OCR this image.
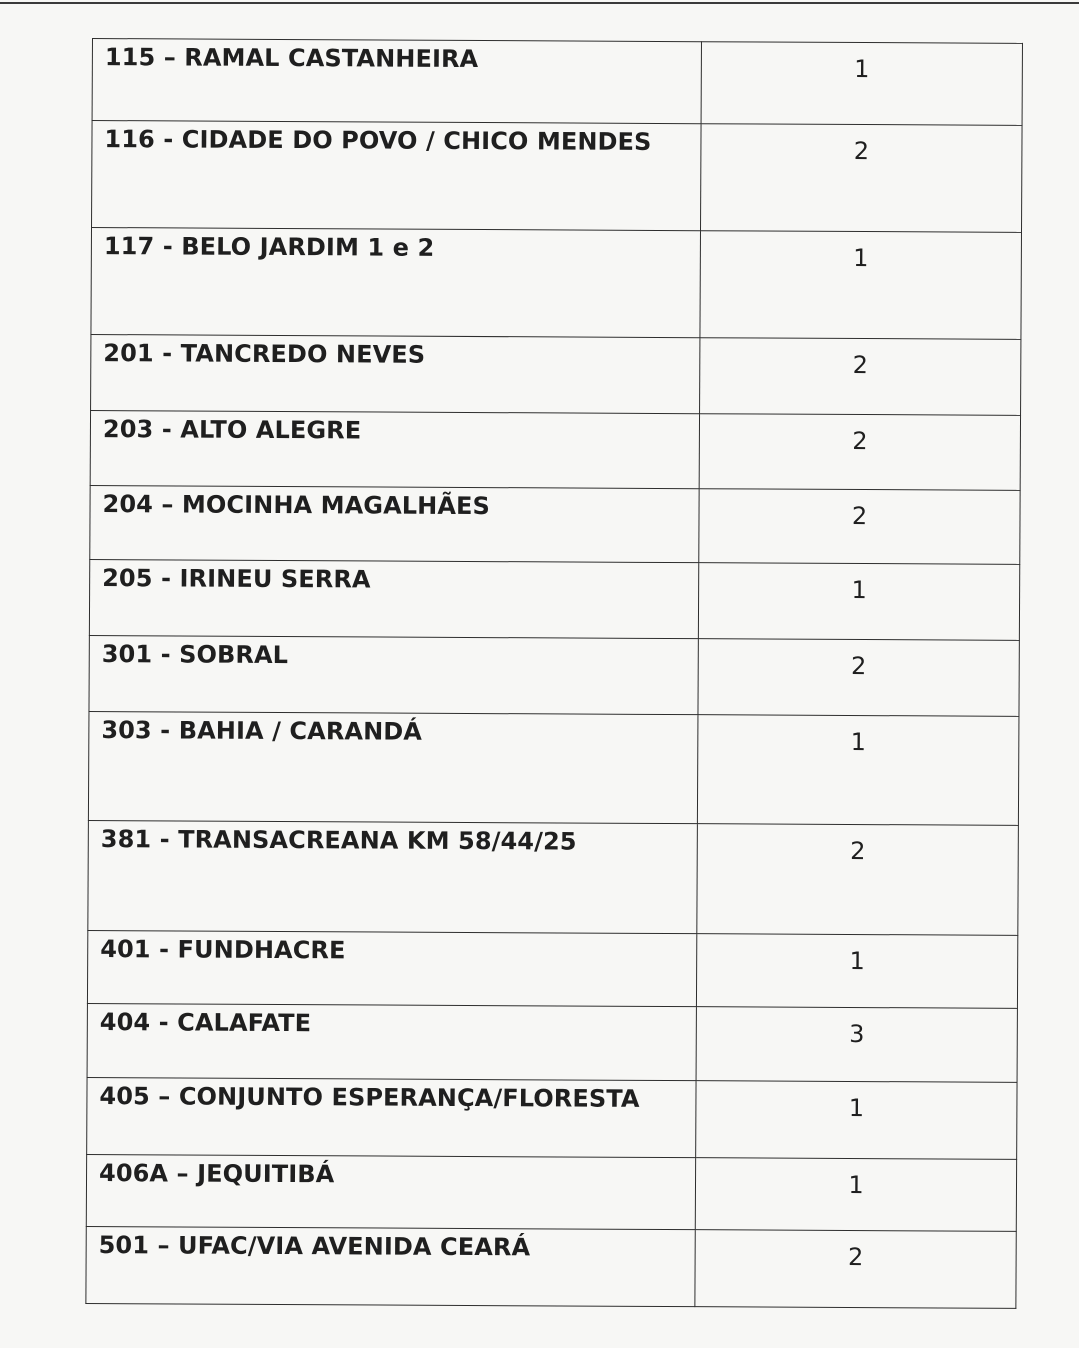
115 – RAMAL CASTANHEIRA	1
116 - CIDADE DO POVO / CHICO MENDES	2
117 - BELO JARDIM 1 e 2	1
201 - TANCREDO NEVES	2
203 - ALTO ALEGRE	2
204 – MOCINHA MAGALHÃES	2
205 - IRINEU SERRA	1
301 - SOBRAL	2
303 - BAHIA / CARANDÁ	1
381 - TRANSACREANA KM 58/44/25	2
401 - FUNDHACRE	1
404 - CALAFATE	3
405 – CONJUNTO ESPERANÇA/FLORESTA	1
406A – JEQUITIBÁ	1
501 – UFAC/VIA AVENIDA CEARÁ	2
